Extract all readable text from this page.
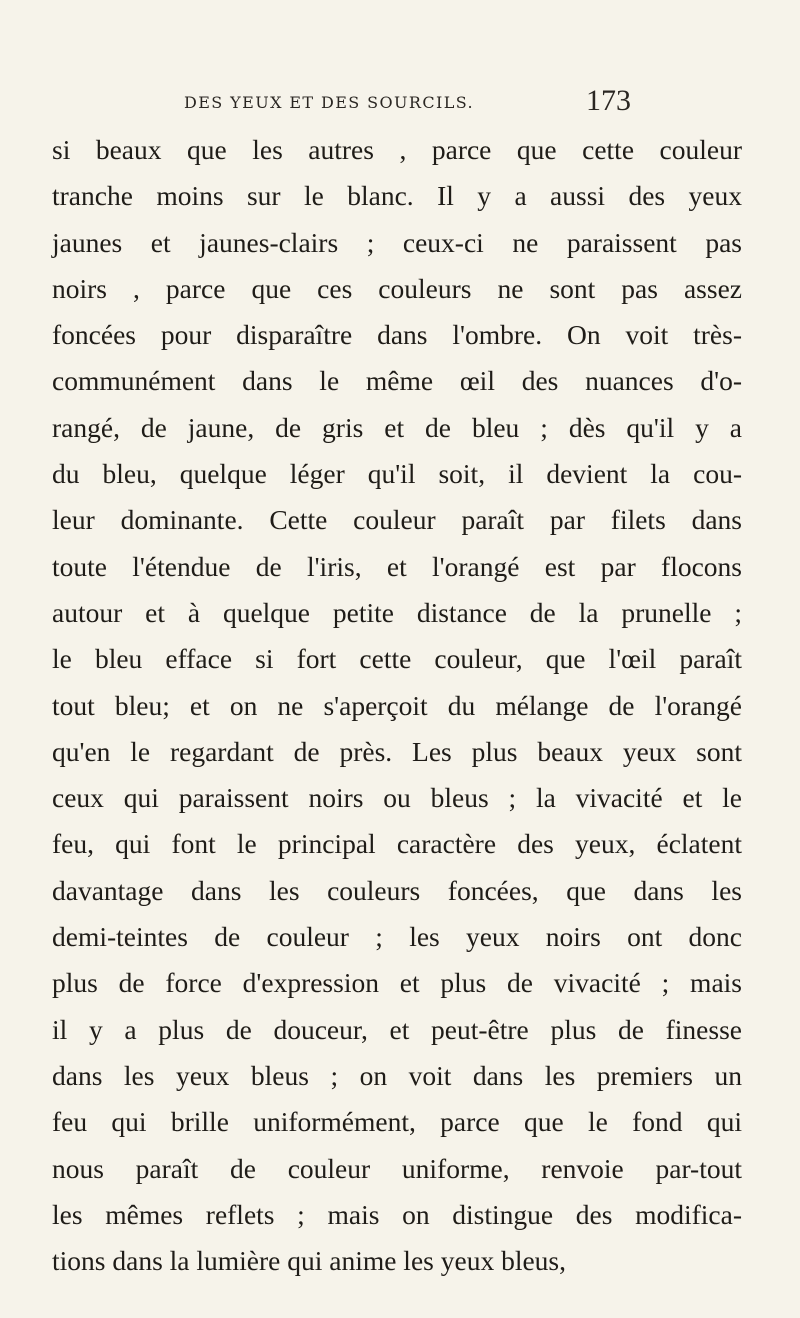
DES YEUX ET DES SOURCILS.	173
si beaux que les autres , parce que cette couleur
tranche moins sur le blanc. Il y a aussi des yeux
jaunes et jaunes-clairs ; ceux-ci ne paraissent pas
noirs , parce que ces couleurs ne sont pas assez
foncées pour disparaître dans l'ombre. On voit très-
communément dans le même œil des nuances d'o-
rangé, de jaune, de gris et de bleu ; dès qu'il y a
du bleu, quelque léger qu'il soit, il devient la cou-
leur dominante. Cette couleur paraît par filets dans
toute l'étendue de l'iris, et l'orangé est par flocons
autour et à quelque petite distance de la prunelle ;
le bleu efface si fort cette couleur, que l'œil paraît
tout bleu; et on ne s'aperçoit du mélange de l'orangé
qu'en le regardant de près. Les plus beaux yeux sont
ceux qui paraissent noirs ou bleus ; la vivacité et le
feu, qui font le principal caractère des yeux, éclatent
davantage dans les couleurs foncées, que dans les
demi-teintes de couleur ; les yeux noirs ont donc
plus de force d'expression et plus de vivacité ; mais
il y a plus de douceur, et peut-être plus de finesse
dans les yeux bleus ; on voit dans les premiers un
feu qui brille uniformément, parce que le fond qui
nous paraît de couleur uniforme, renvoie par-tout
les mêmes reflets ; mais on distingue des modifica-
tions dans la lumière qui anime les yeux bleus,
